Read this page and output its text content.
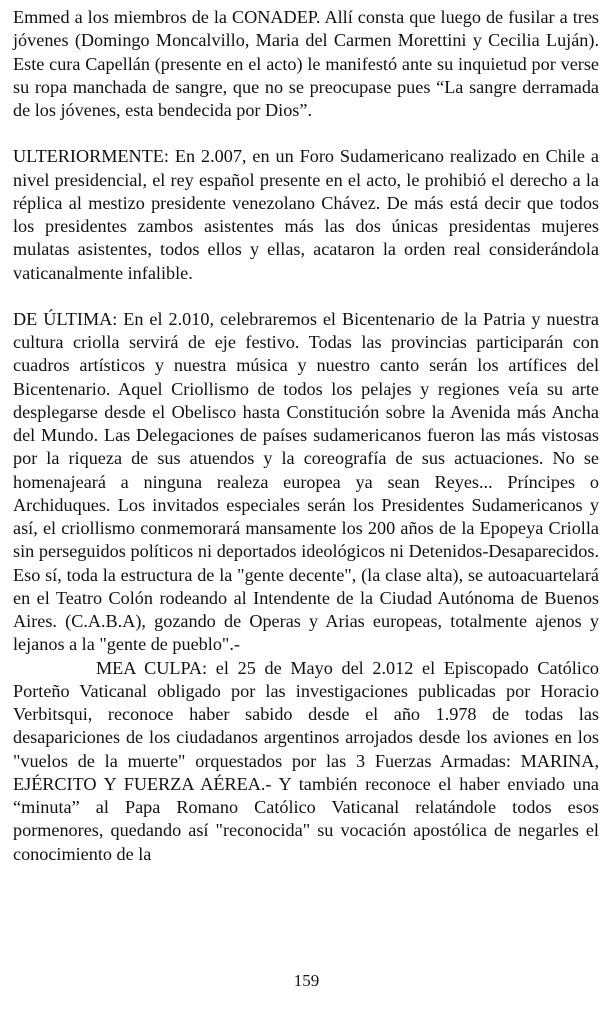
Emmed a los miembros de la CONADEP. Allí consta que luego de fusilar a tres jóvenes (Domingo Moncalvillo, Maria del Carmen Morettini y Cecilia Luján). Este cura Capellán (presente en el acto) le manifestó ante su inquietud por verse su ropa manchada de sangre, que no se preocupase pues “La sangre derramada de los jóvenes, esta bendecida por Dios”.

ULTERIORMENTE: En 2.007, en un Foro Sudamericano realizado en Chile a nivel presidencial, el rey español presente en el acto, le prohibió el derecho a la réplica al mestizo presidente venezolano Chávez. De más está decir que todos los presidentes zambos asistentes más las dos únicas presidentas mujeres mulatas asistentes, todos ellos y ellas, acataron la orden real considerándola vaticanalmente infalible.

DE ÚLTIMA: En el 2.010, celebraremos el Bicentenario de la Patria y nuestra cultura criolla servirá de eje festivo. Todas las provincias participarán con cuadros artísticos y nuestra música y nuestro canto serán los artífices del Bicentenario. Aquel Criollismo de todos los pelajes y regiones veía su arte desplegarse desde el Obelisco hasta Constitución sobre la Avenida más Ancha del Mundo. Las Delegaciones de países sudamericanos fueron las más vistosas por la riqueza de sus atuendos y la coreografía de sus actuaciones. No se homenajeará a ninguna realeza europea ya sean Reyes... Príncipes o Archiduques. Los invitados especiales serán los Presidentes Sudamericanos y así, el criollismo conmemorará mansamente los 200 años de la Epopeya Criolla sin perseguidos políticos ni deportados ideológicos ni Detenidos-Desaparecidos. Eso sí, toda la estructura de la "gente decente", (la clase alta), se autoacuartelará en el Teatro Colón rodeando al Intendente de la Ciudad Autónoma de Buenos Aires. (C.A.B.A), gozando de Operas y Arias europeas, totalmente ajenos y lejanos a la "gente de pueblo".-

MEA CULPA: el 25 de Mayo del 2.012 el Episcopado Católico Porteño Vaticanal obligado por las investigaciones publicadas por Horacio Verbitsqui, reconoce haber sabido desde el año 1.978 de todas las desapariciones de los ciudadanos argentinos arrojados desde los aviones en los "vuelos de la muerte" orquestados por las 3 Fuerzas Armadas: MARINA, EJÉRCITO Y FUERZA AÉREA.- Y también reconoce el haber enviado una “minuta” al Papa Romano Católico Vaticanal relatándole todos esos pormenores, quedando así "reconocida" su vocación apostólica de negarles el conocimiento de la

159
